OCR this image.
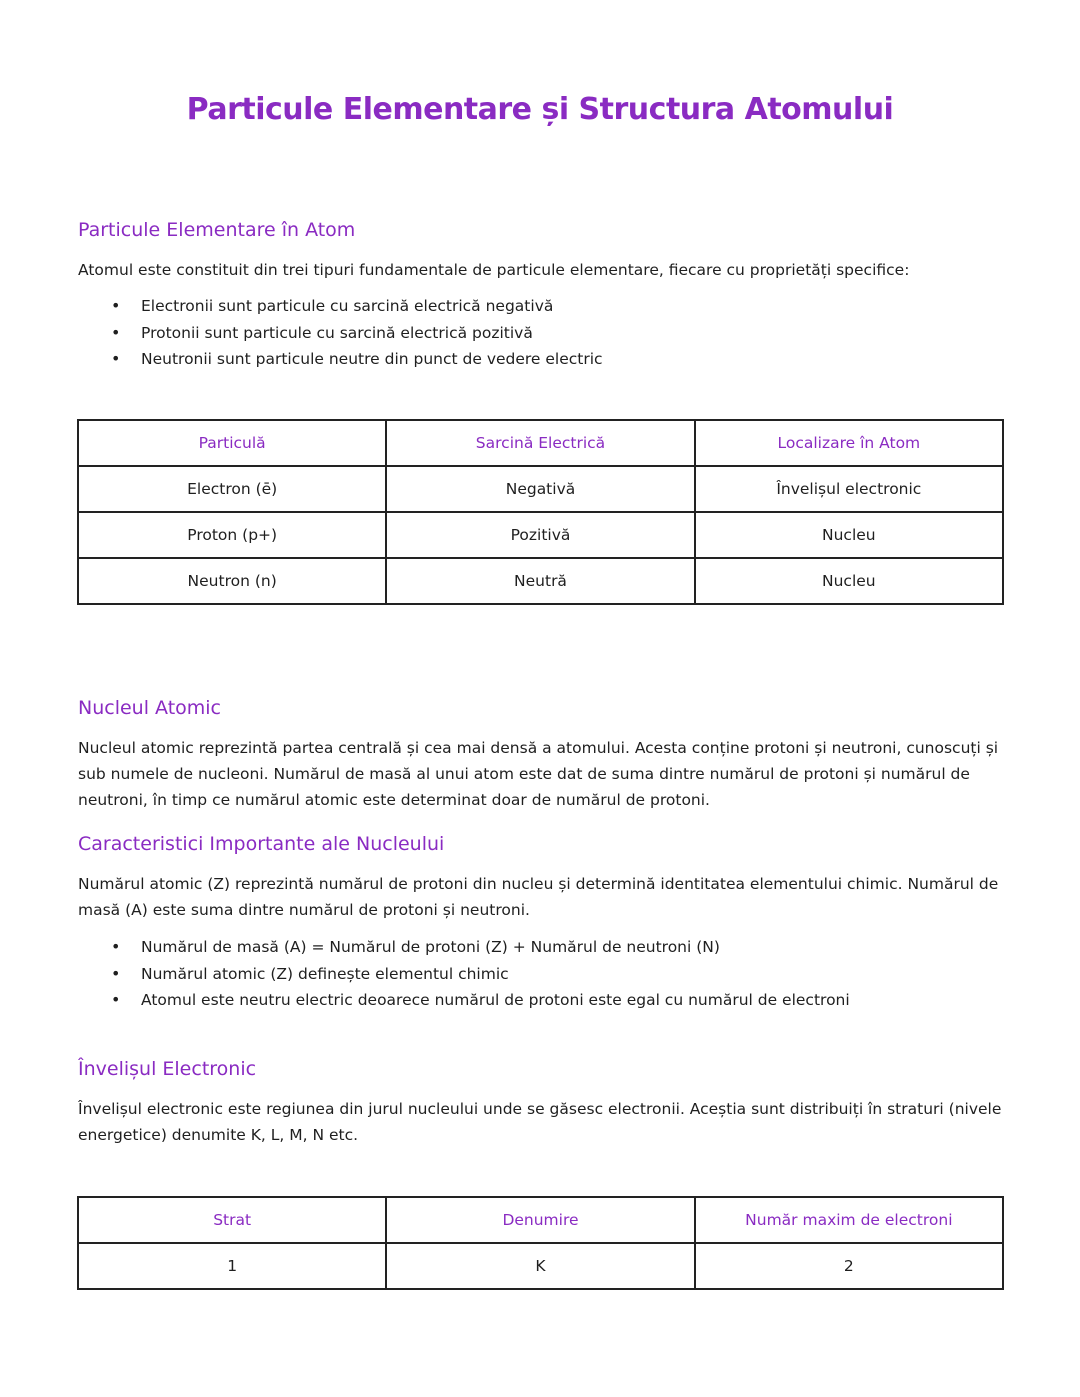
Particule Elementare și Structura Atomului
Particule Elementare în Atom
Atomul este constituit din trei tipuri fundamentale de particule elementare, fiecare cu proprietăți specifice:
• Electronii sunt particule cu sarcină electrică negativă
• Protonii sunt particule cu sarcină electrică pozitivă
• Neutronii sunt particule neutre din punct de vedere electric
Particulă	Sarcină Electrică	Localizare în Atom
Electron (ē)	Negativă	Învelișul electronic
Proton (p+)	Pozitivă	Nucleu
Neutron (n)	Neutră	Nucleu
Nucleul Atomic
Nucleul atomic reprezintă partea centrală și cea mai densă a atomului. Acesta conține protoni și neutroni, cunoscuți și sub numele de nucleoni. Numărul de masă al unui atom este dat de suma dintre numărul de protoni și numărul de neutroni, în timp ce numărul atomic este determinat doar de numărul de protoni.
Caracteristici Importante ale Nucleului
Numărul atomic (Z) reprezintă numărul de protoni din nucleu și determină identitatea elementului chimic. Numărul de masă (A) este suma dintre numărul de protoni și neutroni.
• Numărul de masă (A) = Numărul de protoni (Z) + Numărul de neutroni (N)
• Numărul atomic (Z) definește elementul chimic
• Atomul este neutru electric deoarece numărul de protoni este egal cu numărul de electroni
Învelișul Electronic
Învelișul electronic este regiunea din jurul nucleului unde se găsesc electronii. Aceștia sunt distribuiți în straturi (nivele energetice) denumite K, L, M, N etc.
Strat	Denumire	Număr maxim de electroni
1	K	2
